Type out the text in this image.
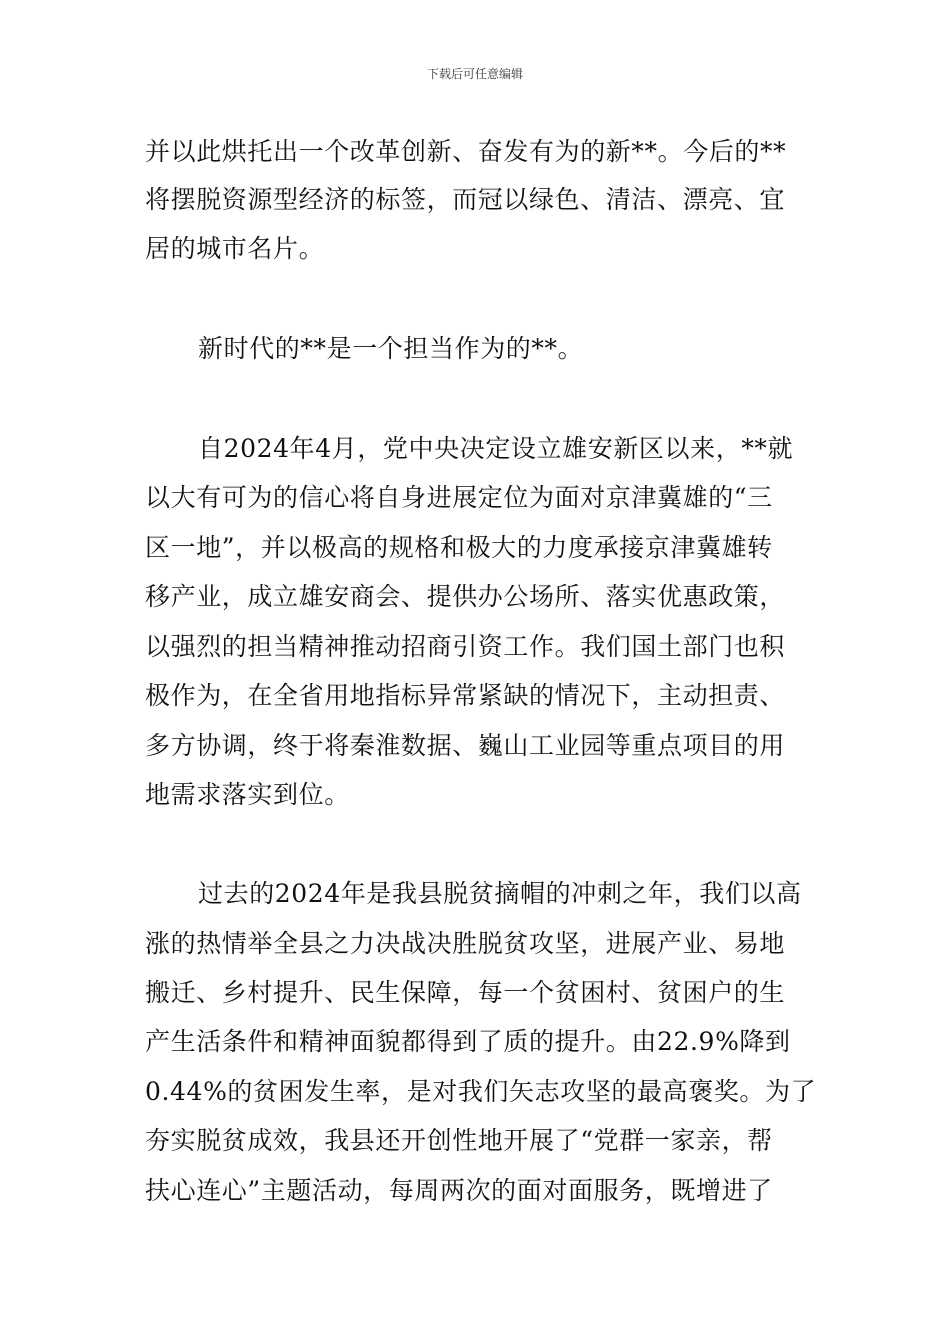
下载后可任意编辑
并以此烘托出一个改革创新、奋发有为的新**。今后的**
将摆脱资源型经济的标签，而冠以绿色、清洁、漂亮、宜
居的城市名片。
新时代的**是一个担当作为的**。
自2024年4月，党中央决定设立雄安新区以来，**就
以大有可为的信心将自身进展定位为面对京津冀雄的“三
区一地”，并以极高的规格和极大的力度承接京津冀雄转
移产业，成立雄安商会、提供办公场所、落实优惠政策，
以强烈的担当精神推动招商引资工作。我们国土部门也积
极作为，在全省用地指标异常紧缺的情况下，主动担责、
多方协调，终于将秦淮数据、巍山工业园等重点项目的用
地需求落实到位。
过去的2024年是我县脱贫摘帽的冲刺之年，我们以高
涨的热情举全县之力决战决胜脱贫攻坚，进展产业、易地
搬迁、乡村提升、民生保障，每一个贫困村、贫困户的生
产生活条件和精神面貌都得到了质的提升。由22.9%降到
0.44%的贫困发生率，是对我们矢志攻坚的最高褒奖。为了
夯实脱贫成效，我县还开创性地开展了“党群一家亲，帮
扶心连心”主题活动，每周两次的面对面服务，既增进了
